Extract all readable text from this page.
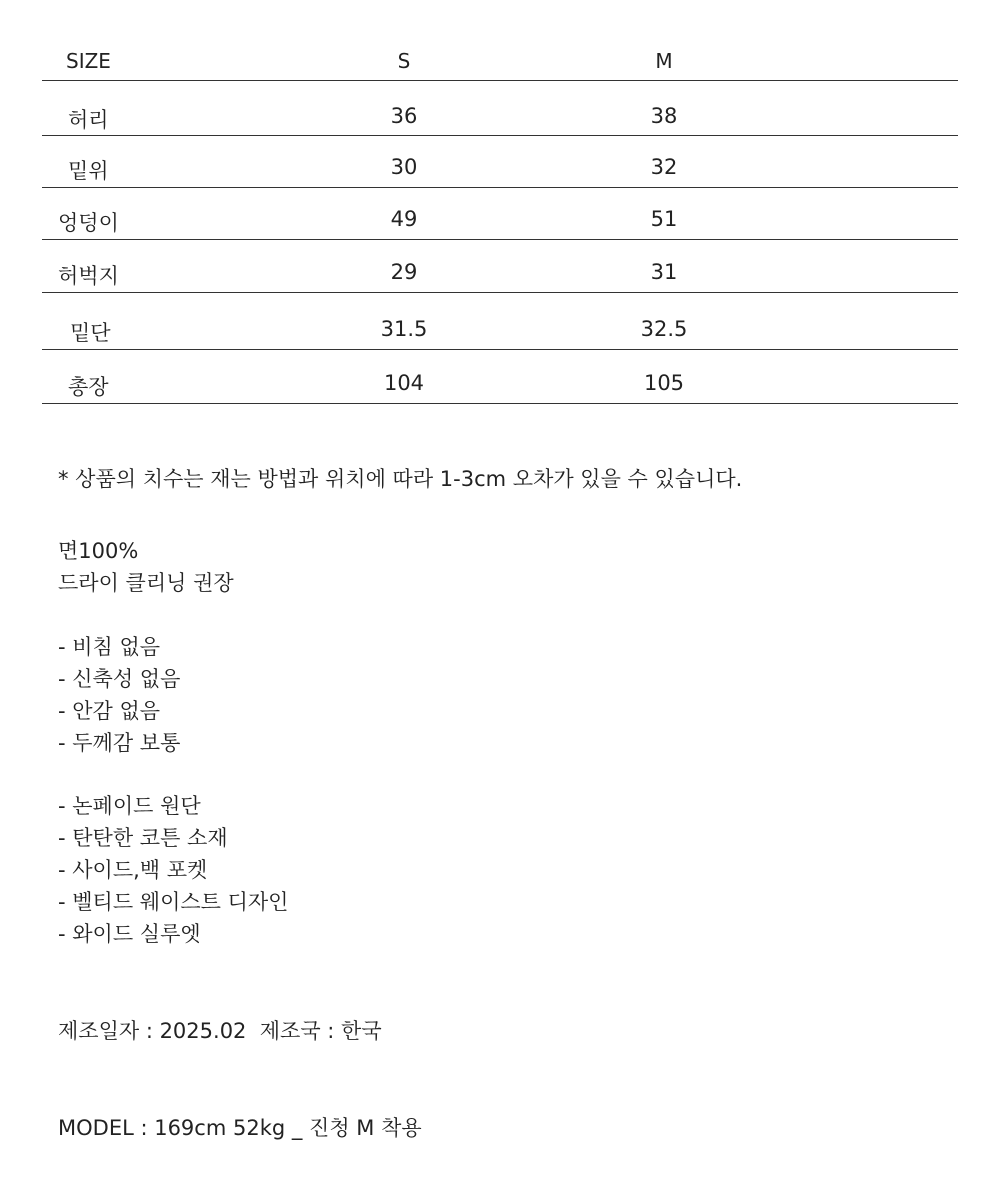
SIZE	S	M
허리	36	38
밑위	30	32
엉덩이	49	51
허벅지	29	31
밑단	31.5	32.5
총장	104	105
* 상품의 치수는 재는 방법과 위치에 따라 1-3cm 오차가 있을 수 있습니다.
면100%
드라이 클리닝 권장
- 비침 없음
- 신축성 없음
- 안감 없음
- 두께감 보통
- 논페이드 원단
- 탄탄한 코튼 소재
- 사이드,백 포켓
- 벨티드 웨이스트 디자인
- 와이드 실루엣
제조일자 : 2025.02  제조국 : 한국
MODEL : 169cm 52kg _ 진청 M 착용
